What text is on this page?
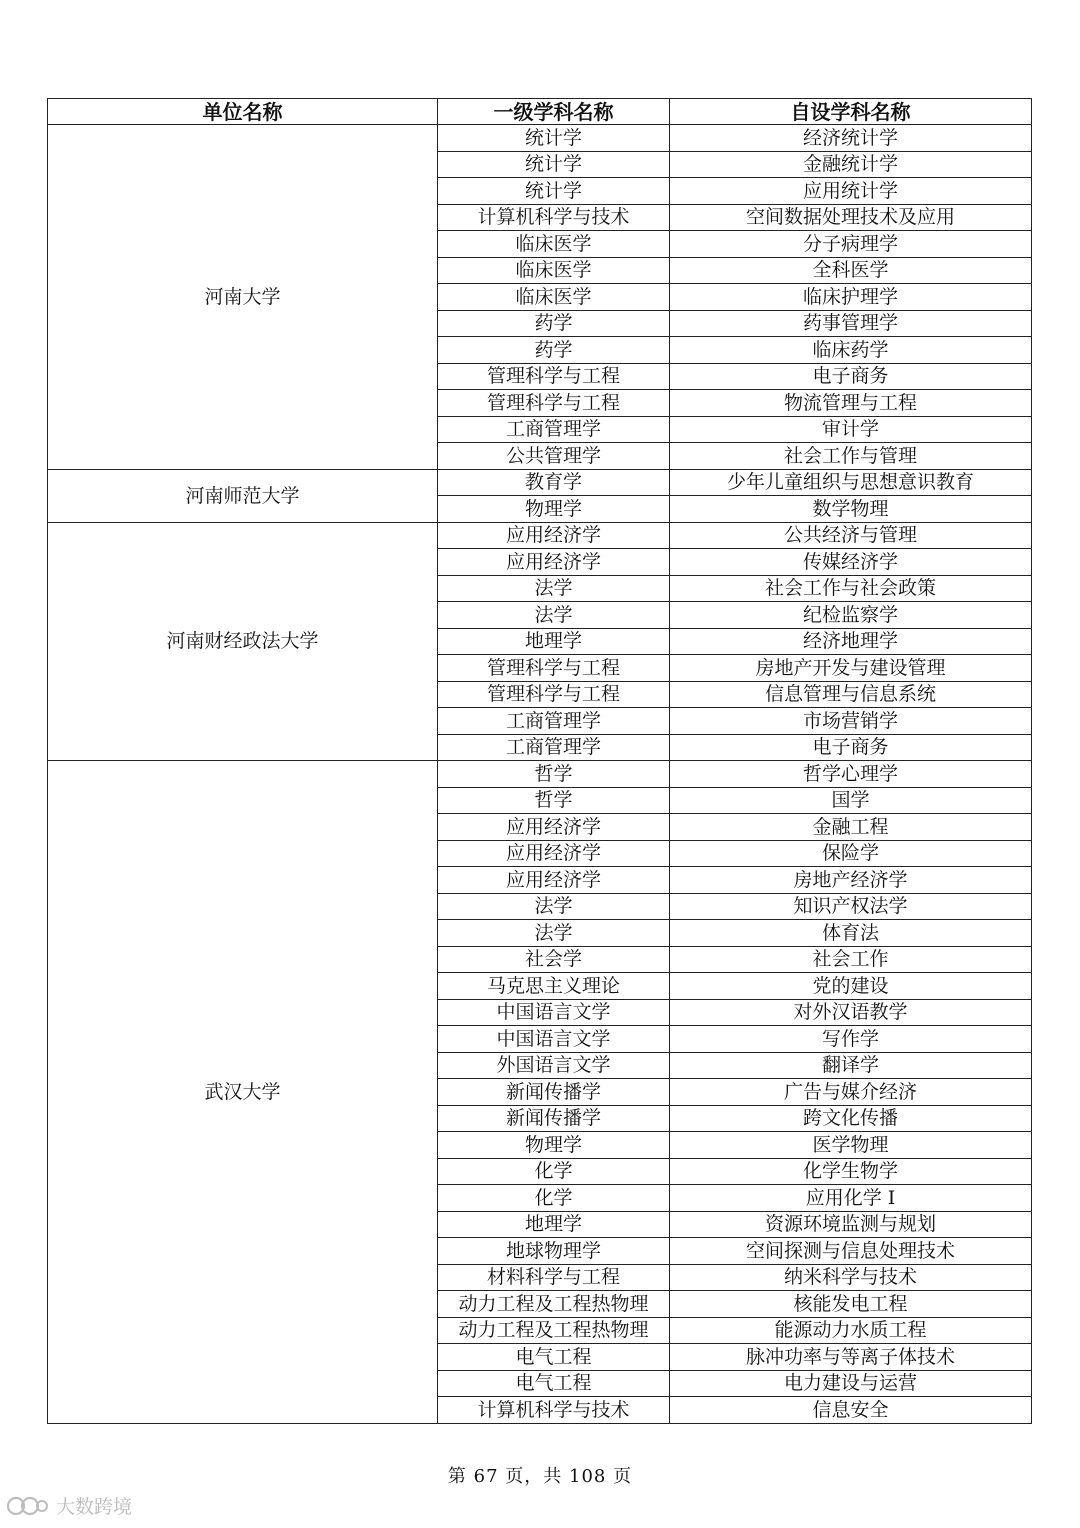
单位名称	一级学科名称	自设学科名称
河南大学	统计学	经济统计学
	统计学	金融统计学
	统计学	应用统计学
	计算机科学与技术	空间数据处理技术及应用
	临床医学	分子病理学
	临床医学	全科医学
	临床医学	临床护理学
	药学	药事管理学
	药学	临床药学
	管理科学与工程	电子商务
	管理科学与工程	物流管理与工程
	工商管理学	审计学
	公共管理学	社会工作与管理
河南师范大学	教育学	少年儿童组织与思想意识教育
	物理学	数学物理
河南财经政法大学	应用经济学	公共经济与管理
	应用经济学	传媒经济学
	法学	社会工作与社会政策
	法学	纪检监察学
	地理学	经济地理学
	管理科学与工程	房地产开发与建设管理
	管理科学与工程	信息管理与信息系统
	工商管理学	市场营销学
	工商管理学	电子商务
武汉大学	哲学	哲学心理学
	哲学	国学
	应用经济学	金融工程
	应用经济学	保险学
	应用经济学	房地产经济学
	法学	知识产权法学
	法学	体育法
	社会学	社会工作
	马克思主义理论	党的建设
	中国语言文学	对外汉语教学
	中国语言文学	写作学
	外国语言文学	翻译学
	新闻传播学	广告与媒介经济
	新闻传播学	跨文化传播
	物理学	医学物理
	化学	化学生物学
	化学	应用化学 I
	地理学	资源环境监测与规划
	地球物理学	空间探测与信息处理技术
	材料科学与工程	纳米科学与技术
	动力工程及工程热物理	核能发电工程
	动力工程及工程热物理	能源动力水质工程
	电气工程	脉冲功率与等离子体技术
	电气工程	电力建设与运营
	计算机科学与技术	信息安全
第 67 页，共 108 页
大数跨境
